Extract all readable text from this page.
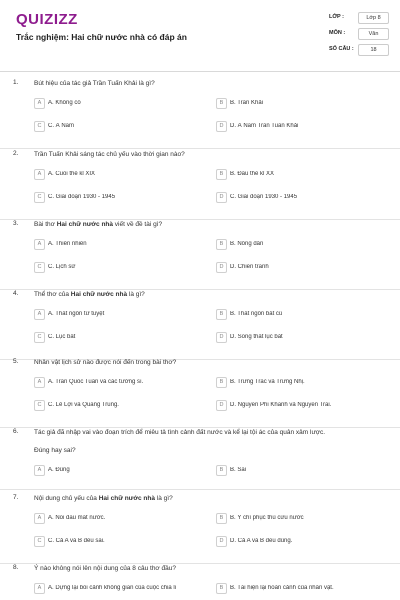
QUIZIZZ
Trắc nghiệm: Hai chữ nước nhà có đáp án
LỚP :	Lớp 8
MÔN :	Văn
SỐ CÂU :	18
1. Bút hiệu của tác giả Trần Tuấn Khải là gì?
A	A. Không có	B	B. Trần Khải
C	C. Á Nam	D	D. Á Nam Trần Tuấn Khải
2. Trần Tuấn Khải sáng tác chủ yếu vào thời gian nào?
A	A. Cuối thế kỉ XIX	B	B. Đầu thế kỉ XX
C	C. Giai đoạn 1930 - 1945	D	C. Giai đoạn 1930 - 1945
3. Bài thơ Hai chữ nước nhà viết về đề tài gì?
A	A. Thiên nhiên	B	B. Nông dân
C	C. Lịch sử	D	D. Chiến tranh
4. Thể thơ của Hai chữ nước nhà là gì?
A	A. Thất ngôn tứ tuyệt	B	B. Thất ngôn bát cú
C	C. Lục bát	D	D. Song thất lục bát
5. Nhân vật lịch sử nào được nói đến trong bài thơ?
A	A. Trần Quốc Tuấn và các tướng sĩ.	B	B. Trưng Trắc và Trưng Nhị.
C	C. Lê Lợi và Quang Trung.	D	D. Nguyễn Phi Khanh và Nguyễn Trãi.
6. Tác giả đã nhập vai vào đoạn trích để miêu tả tình cảnh đất nước và kể lại tội ác của quân xâm lược.
Đúng hay sai?
A	A. Đúng	B	B. Sai
7. Nội dung chủ yếu của Hai chữ nước nhà là gì?
A	A. Nỗi đau mất nước.	B	B. Ý chí phục thù cứu nước
C	C. Cả A và B đều sai.	D	D. Cả A và B đều đúng.
8. Ý nào không nói lên nội dung của 8 câu thơ đầu?
A	A. Dựng lại bối cảnh không gian của cuộc chia li	B	B. Tái hiện lại hoàn cảnh của nhân vật.
